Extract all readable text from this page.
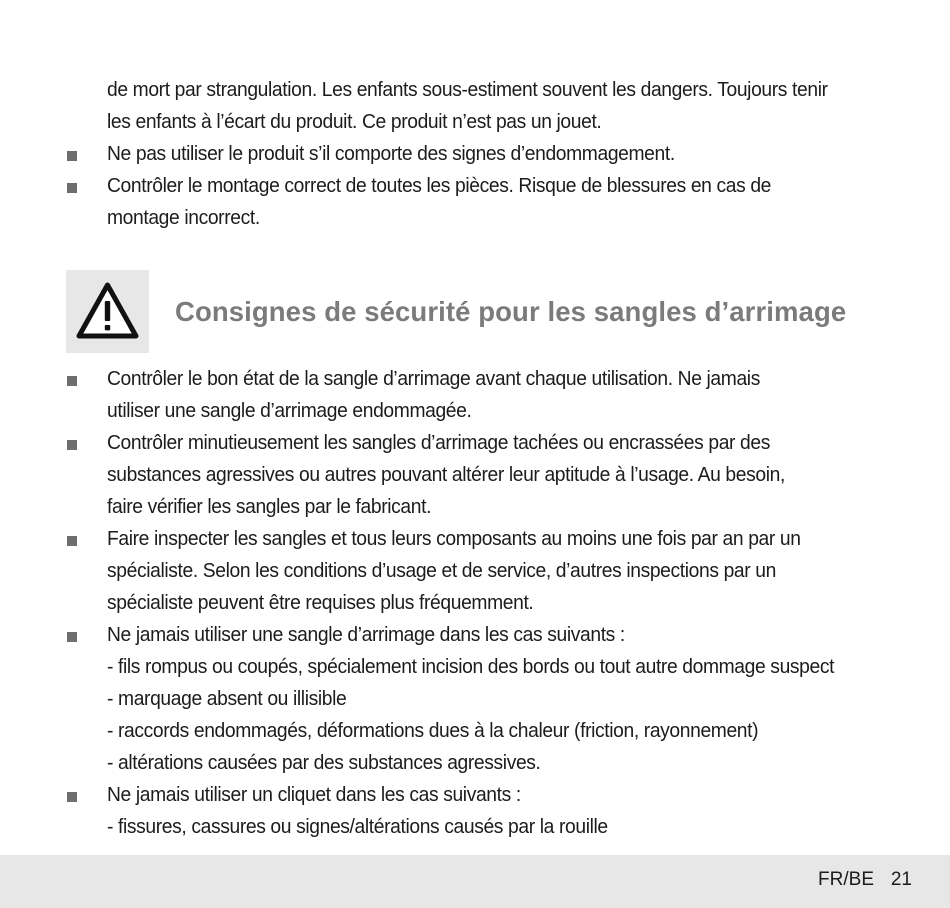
de mort par strangulation. Les enfants sous-estiment souvent les dangers. Toujours tenir
les enfants à l’écart du produit. Ce produit n’est pas un jouet.
Ne pas utiliser le produit s’il comporte des signes d’endommagement.
Contrôler le montage correct de toutes les pièces. Risque de blessures en cas de
montage incorrect.
Consignes de sécurité pour les sangles d’arrimage
Contrôler le bon état de la sangle d’arrimage avant chaque utilisation. Ne jamais
utiliser une sangle d’arrimage endommagée.
Contrôler minutieusement les sangles d’arrimage tachées ou encrassées par des
substances agressives ou autres pouvant altérer leur aptitude à l’usage. Au besoin,
faire vérifier les sangles par le fabricant.
Faire inspecter les sangles et tous leurs composants au moins une fois par an par un
spécialiste. Selon les conditions d’usage et de service, d’autres inspections par un
spécialiste peuvent être requises plus fréquemment.
Ne jamais utiliser une sangle d’arrimage dans les cas suivants :
- fils rompus ou coupés, spécialement incision des bords ou tout autre dommage suspect
- marquage absent ou illisible
- raccords endommagés, déformations dues à la chaleur (friction, rayonnement)
- altérations causées par des substances agressives.
Ne jamais utiliser un cliquet dans les cas suivants :
- fissures, cassures ou signes/altérations causés par la rouille
FR/BE 21
